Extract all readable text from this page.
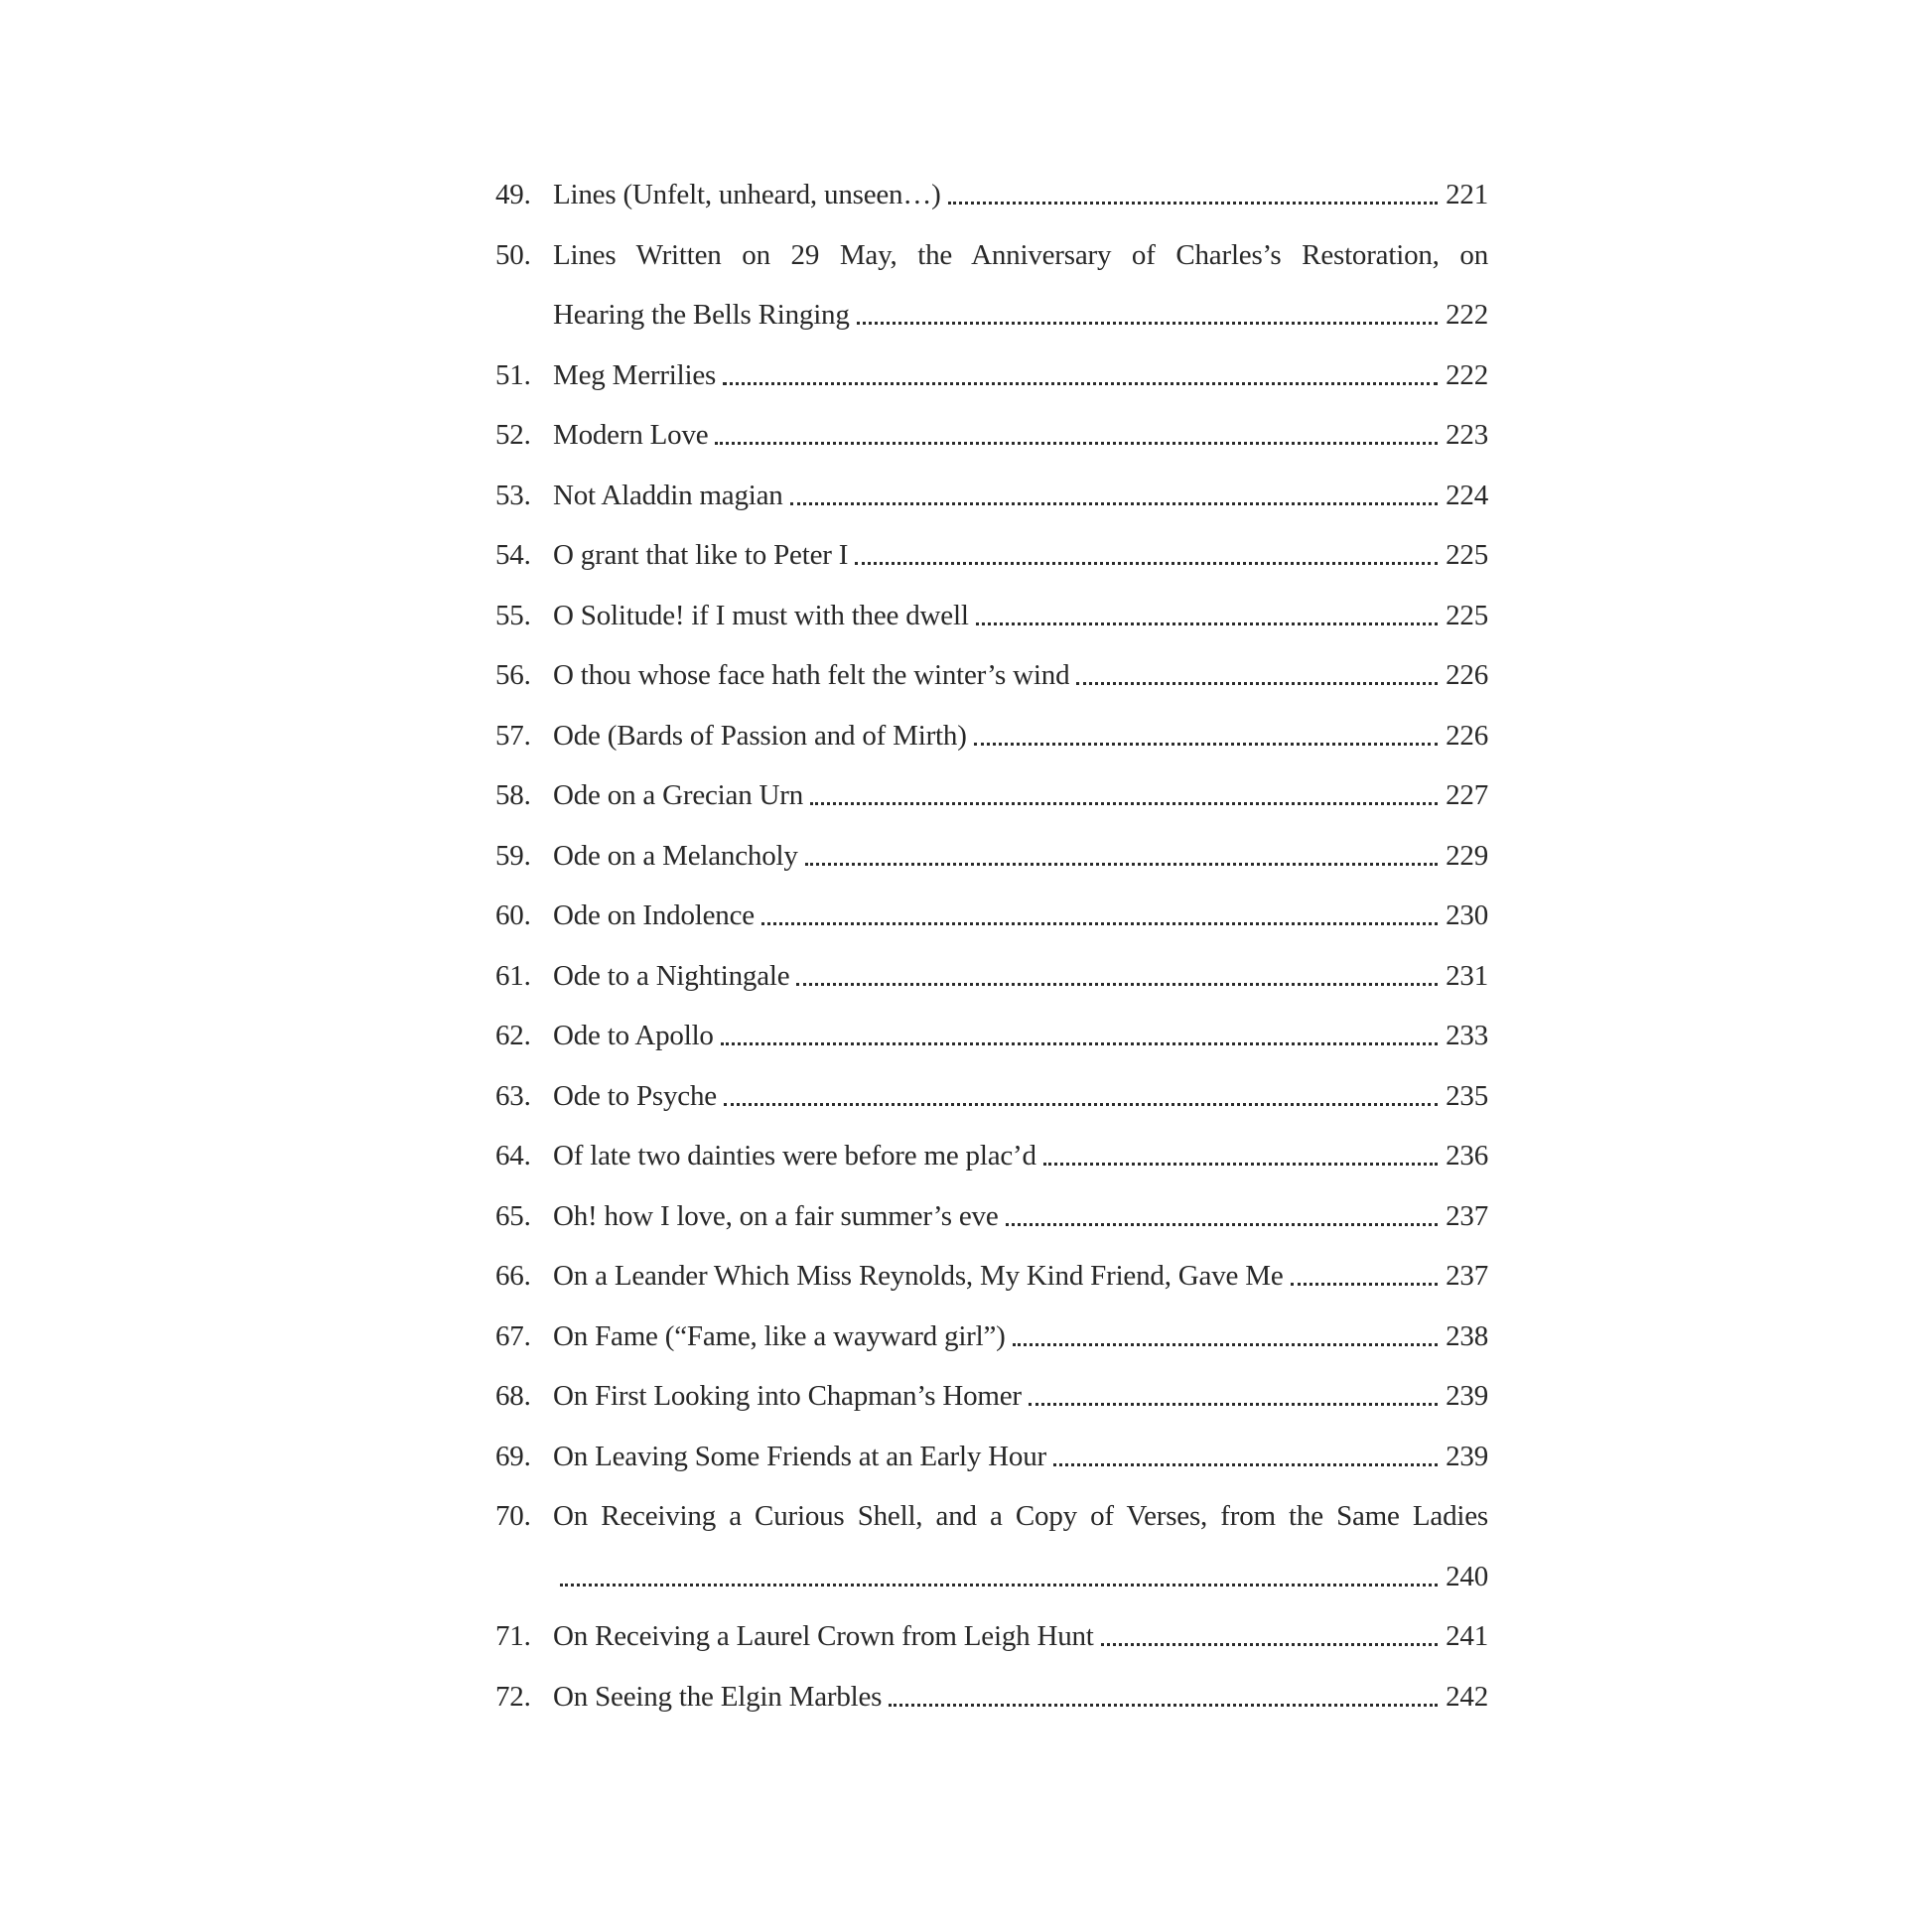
49. Lines (Unfelt, unheard, unseen…)	221
50. Lines Written on 29 May, the Anniversary of Charles’s Restoration, on
Hearing the Bells Ringing	222
51. Meg Merrilies	222
52. Modern Love	223
53. Not Aladdin magian	224
54. O grant that like to Peter I	225
55. O Solitude! if I must with thee dwell	225
56. O thou whose face hath felt the winter’s wind	226
57. Ode (Bards of Passion and of Mirth)	226
58. Ode on a Grecian Urn	227
59. Ode on a Melancholy	229
60. Ode on Indolence	230
61. Ode to a Nightingale	231
62. Ode to Apollo	233
63. Ode to Psyche	235
64. Of late two dainties were before me plac’d	236
65. Oh! how I love, on a fair summer’s eve	237
66. On a Leander Which Miss Reynolds, My Kind Friend, Gave Me	237
67. On Fame (“Fame, like a wayward girl”)	238
68. On First Looking into Chapman’s Homer	239
69. On Leaving Some Friends at an Early Hour	239
70. On Receiving a Curious Shell, and a Copy of Verses, from the Same Ladies
240
71. On Receiving a Laurel Crown from Leigh Hunt	241
72. On Seeing the Elgin Marbles	242
